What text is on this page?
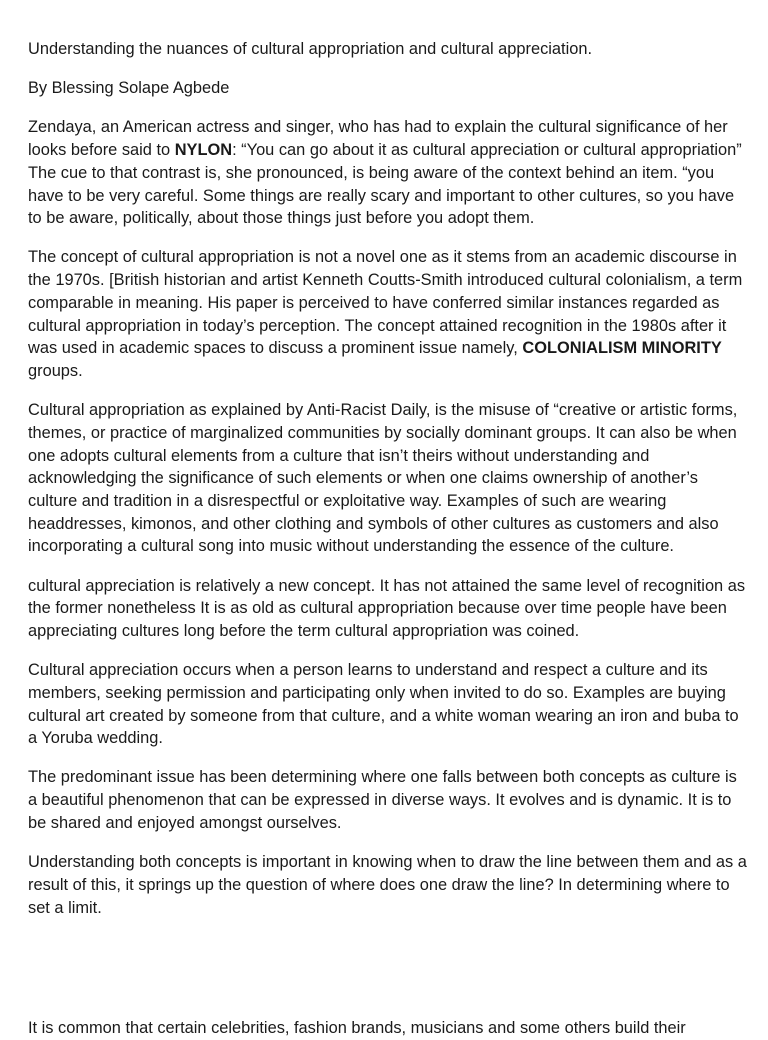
Understanding the nuances of cultural appropriation and cultural appreciation.

By Blessing Solape Agbede

Zendaya, an American actress and singer, who has had to explain the cultural significance of her looks before said to NYLON: “You can go about it as cultural appreciation or cultural appropriation” The cue to that contrast is, she pronounced, is being aware of the context behind an item. “you have to be very careful. Some things are really scary and important to other cultures, so you have to be aware, politically, about those things just before you adopt them.

The concept of cultural appropriation is not a novel one as it stems from an academic discourse in the 1970s. [British historian and artist Kenneth Coutts-Smith introduced cultural colonialism, a term comparable in meaning. His paper is perceived to have conferred similar instances regarded as cultural appropriation in today’s perception. The concept attained recognition in the 1980s after it was used in academic spaces to discuss a prominent issue namely, COLONIALISM MINORITY groups.

Cultural appropriation as explained by Anti-Racist Daily, is the misuse of “creative or artistic forms, themes, or practice of marginalized communities by socially dominant groups. It can also be when one adopts cultural elements from a culture that isn’t theirs without understanding and acknowledging the significance of such elements or when one claims ownership of another’s culture and tradition in a disrespectful or exploitative way. Examples of such are wearing headdresses, kimonos, and other clothing and symbols of other cultures as customers and also incorporating a cultural song into music without understanding the essence of the culture.

cultural appreciation is relatively a new concept. It has not attained the same level of recognition as the former nonetheless It is as old as cultural appropriation because over time people have been appreciating cultures long before the term cultural appropriation was coined.

Cultural appreciation occurs when a person learns to understand and respect a culture and its members, seeking permission and participating only when invited to do so. Examples are buying cultural art created by someone from that culture, and a white woman wearing an iron and buba to a Yoruba wedding.

The predominant issue has been determining where one falls between both concepts as culture is a beautiful phenomenon that can be expressed in diverse ways. It evolves and is dynamic. It is to be shared and enjoyed amongst ourselves.

Understanding both concepts is important in knowing when to draw the line between them and as a result of this, it springs up the question of where does one draw the line? In determining where to set a limit.

It is common that certain celebrities, fashion brands, musicians and some others build their
